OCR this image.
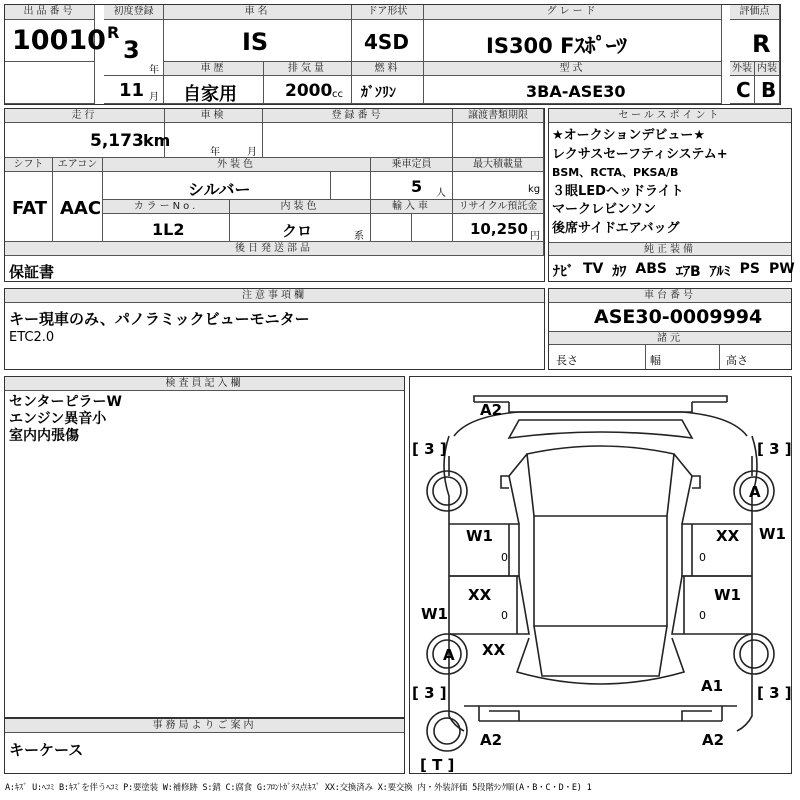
出品番号
10010
初度登録
R
3
年
11 月
車名
IS
ドア形状
4SD
グレード
IS300 Fｽﾎﾟｰﾂ
評価点
R
車歴
自家用
排気量
2000 cc
燃料
ｶﾞｿﾘﾝ
型式
3BA-ASE30
外装 内装
C B
走行
5,173 km
車検
年	月
登録番号	譲渡書類期限
シフト	エアコン
FAT AAC
外装色
シルバー
乗車定員
5 人
最大積載量
kg
カラーNo.
1L2
内装色
クロ	系
輸入車	リサイクル預託金
10,250 円
後日発送部品
保証書
セールスポイント
★オークションデビュー★
レクサスセーフティシステム+
BSM、RCTA、PKSA/B
３眼LEDヘッドライト
マークレビンソン
後席サイドエアバッグ
純正装備
ﾅﾋﾞ TV ｶﾜ ABS ｴｱB ｱﾙﾐ PS PW
注意事項欄
キー現車のみ、パノラミックビューモニター
ETC2.0
車台番号
ASE30-0009994
諸元
長さ	幅	高さ
検査員記入欄
センターピラーW
エンジン異音小
室内内張傷
事務局よりご案内
キーケース
A2
A
W1
0
XX
0
W1
XX
0
W1
0
W1
A XX
A1
A2	A2
[ 3 ]	[ 3 ]
[ 3 ]	[ 3 ]
[ T ]
A:ｷｽﾞ U:ﾍｺﾐ B:ｷｽﾞを伴うﾍｺﾐ P:要塗装 W:補修跡 S:錆 C:腐食 G:ﾌﾛﾝﾄｶﾞﾗｽ点ｷｽﾞ XX:交換済み X:要交換 内・外装評価 5段階ﾗﾝｸ順(A・B・C・D・E) 1
